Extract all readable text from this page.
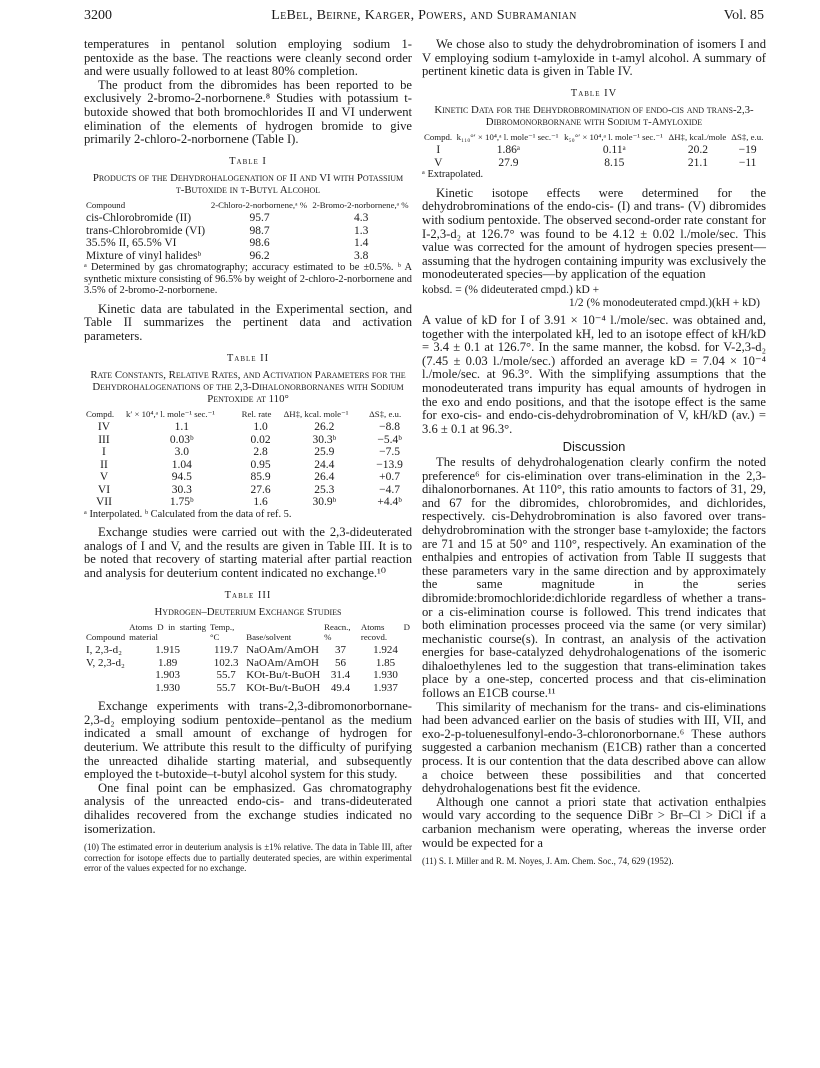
3200	LeBel, Beirne, Karger, Powers, and Subramanian	Vol. 85

temperatures in pentanol solution employing sodium 1-pentoxide as the base. The reactions were cleanly second order and were usually followed to at least 80% completion.

The product from the dibromides has been reported to be exclusively 2-bromo-2-norbornene.⁸ Studies with potassium t-butoxide showed that both bromochlorides II and VI underwent elimination of the elements of hydrogen bromide to give primarily 2-chloro-2-norbornene (Table I).

Table I
Products of the Dehydrohalogenation of II and VI with Potassium t-Butoxide in t-Butyl Alcohol
Compound	2-Chloro-2-norbornene,ᵃ %	2-Bromo-2-norbornene,ᵃ %
cis-Chlorobromide (II)	95.7	4.3
trans-Chlorobromide (VI)	98.7	1.3
35.5% II, 65.5% VI	98.6	1.4
Mixture of vinyl halidesᵇ	96.2	3.8
ᵃ Determined by gas chromatography; accuracy estimated to be ±0.5%. ᵇ A synthetic mixture consisting of 96.5% by weight of 2-chloro-2-norbornene and 3.5% of 2-bromo-2-norbornene.

Kinetic data are tabulated in the Experimental section, and Table II summarizes the pertinent data and activation parameters.

Table II
Rate Constants, Relative Rates, and Activation Parameters for the Dehydrohalogenations of the 2,3-Dihalonorbornanes with Sodium Pentoxide at 110°
Compd.	k′ × 10⁴,ᵃ l. mole⁻¹ sec.⁻¹	Rel. rate	ΔH‡, kcal. mole⁻¹	ΔS‡, e.u.
IV	1.1	1.0	26.2	−8.8
III	0.03ᵇ	0.02	30.3ᵇ	−5.4ᵇ
I	3.0	2.8	25.9	−7.5
II	1.04	0.95	24.4	−13.9
V	94.5	85.9	26.4	+0.7
VI	30.3	27.6	25.3	−4.7
VII	1.75ᵇ	1.6	30.9ᵇ	+4.4ᵇ
ᵃ Interpolated. ᵇ Calculated from the data of ref. 5.

Exchange studies were carried out with the 2,3-dideuterated analogs of I and V, and the results are given in Table III. It is to be noted that recovery of starting material after partial reaction and analysis for deuterium content indicated no exchange.¹⁰

Table III
Hydrogen–Deuterium Exchange Studies
Compound	Atoms D in starting material	Temp., °C	Base/solvent	Reacn., %	Atoms D recovd.
I, 2,3-d₂	1.915	119.7	NaOAm/AmOH	37	1.924
V, 2,3-d₂	1.89	102.3	NaOAm/AmOH	56	1.85
	1.903	55.7	KOt-Bu/t-BuOH	31.4	1.930
	1.930	55.7	KOt-Bu/t-BuOH	49.4	1.937

Exchange experiments with trans-2,3-dibromonorbornane-2,3-d₂ employing sodium pentoxide–pentanol as the medium indicated a small amount of exchange of hydrogen for deuterium. We attribute this result to the difficulty of purifying the unreacted dihalide starting material, and subsequently employed the t-butoxide–t-butyl alcohol system for this study.

One final point can be emphasized. Gas chromatography analysis of the unreacted endo-cis- and trans-dideuterated dihalides recovered from the exchange studies indicated no isomerization.

(10) The estimated error in deuterium analysis is ±1% relative. The data in Table III, after correction for isotope effects due to partially deuterated species, are within experimental error of the values expected for no exchange.

We chose also to study the dehydrobromination of isomers I and V employing sodium t-amyloxide in t-amyl alcohol. A summary of pertinent kinetic data is given in Table IV.

Table IV
Kinetic Data for the Dehydrobromination of endo-cis and trans-2,3-Dibromonorbornane with Sodium t-Amyloxide
Compd.	k₁₁₀°′ × 10⁴,ᵃ l. mole⁻¹ sec.⁻¹	k₅₀°′ × 10⁴,ᵃ l. mole⁻¹ sec.⁻¹	ΔH‡, kcal./mole	ΔS‡, e.u.
I	1.86ᵃ	0.11ᵃ	20.2	−19
V	27.9	8.15	21.1	−11
ᵃ Extrapolated.

Kinetic isotope effects were determined for the dehydrobrominations of the endo-cis- (I) and trans- (V) dibromides with sodium pentoxide. The observed second-order rate constant for I-2,3-d₂ at 126.7° was found to be 4.12 ± 0.02 l./mole/sec. This value was corrected for the amount of hydrogen species present—assuming that the hydrogen containing impurity was exclusively the monodeuterated species—by application of the equation

kobsd. = (% dideuterated cmpd.) kD +
1/2 (% monodeuterated cmpd.)(kH + kD)

A value of kD for I of 3.91 × 10⁻⁴ l./mole/sec. was obtained and, together with the interpolated kH, led to an isotope effect of kH/kD = 3.4 ± 0.1 at 126.7°. In the same manner, the kobsd. for V-2,3-d₂ (7.45 ± 0.03 l./mole/sec.) afforded an average kD = 7.04 × 10⁻⁴ l./mole/sec. at 96.3°. With the simplifying assumptions that the monodeuterated trans impurity has equal amounts of hydrogen in the exo and endo positions, and that the isotope effect is the same for exo-cis- and endo-cis-dehydrobromination of V, kH/kD (av.) = 3.6 ± 0.1 at 96.3°.

Discussion

The results of dehydrohalogenation clearly confirm the noted preference⁶ for cis-elimination over trans-elimination in the 2,3-dihalonorbornanes. At 110°, this ratio amounts to factors of 31, 29, and 67 for the dibromides, chlorobromides, and dichlorides, respectively. cis-Dehydrobromination is also favored over trans-dehydrobromination with the stronger base t-amyloxide; the factors are 71 and 15 at 50° and 110°, respectively. An examination of the enthalpies and entropies of activation from Table II suggests that these parameters vary in the same direction and by approximately the same magnitude in the series dibromide:bromochloride:dichloride regardless of whether a trans- or a cis-elimination course is followed. This trend indicates that both elimination processes proceed via the same (or very similar) mechanistic course(s). In contrast, an analysis of the activation energies for base-catalyzed dehydrohalogenations of the isomeric dihaloethylenes led to the suggestion that trans-elimination takes place by a one-step, concerted process and that cis-elimination follows an E1CB course.¹¹

This similarity of mechanism for the trans- and cis-eliminations had been advanced earlier on the basis of studies with III, VII, and exo-2-p-toluenesulfonyl-endo-3-chloronorbornane.⁶ These authors suggested a carbanion mechanism (E1CB) rather than a concerted process. It is our contention that the data described above can allow a choice between these possibilities and that concerted dehydrohalogenations best fit the evidence.

Although one cannot a priori state that activation enthalpies would vary according to the sequence DiBr > Br–Cl > DiCl if a carbanion mechanism were operating, whereas the inverse order would be expected for a

(11) S. I. Miller and R. M. Noyes, J. Am. Chem. Soc., 74, 629 (1952).
